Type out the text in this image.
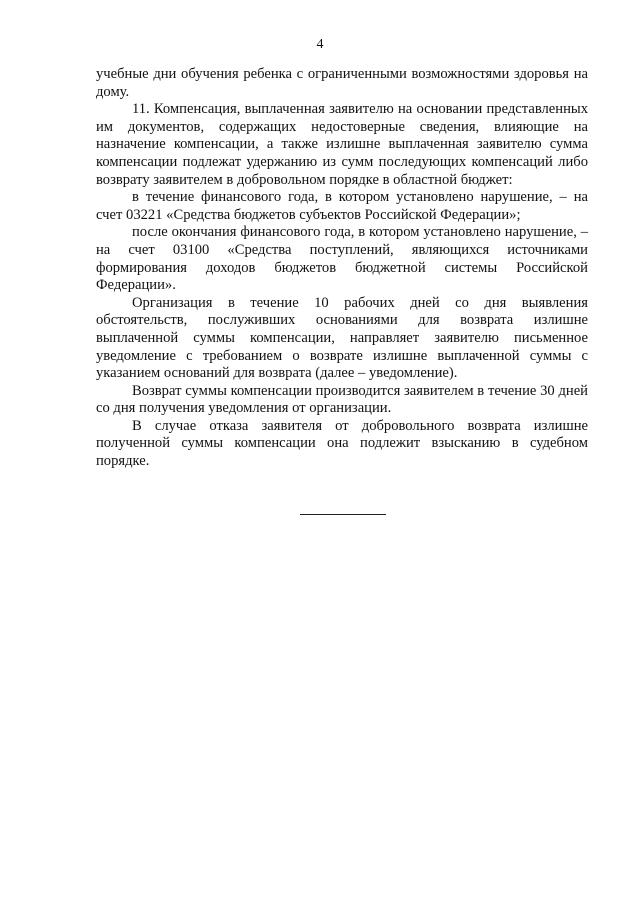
4

учебные дни обучения ребенка с ограниченными возможностями здоровья на дому.

11. Компенсация, выплаченная заявителю на основании представленных им документов, содержащих недостоверные сведения, влияющие на назначение компенсации, а также излишне выплаченная заявителю сумма компенсации подлежат удержанию из сумм последующих компенсаций либо возврату заявителем в добровольном порядке в областной бюджет:

в течение финансового года, в котором установлено нарушение, – на счет 03221 «Средства бюджетов субъектов Российской Федерации»;

после окончания финансового года, в котором установлено нарушение, – на счет 03100 «Средства поступлений, являющихся источниками формирования доходов бюджетов бюджетной системы Российской Федерации».

Организация в течение 10 рабочих дней со дня выявления обстоятельств, послуживших основаниями для возврата излишне выплаченной суммы компенсации, направляет заявителю письменное уведомление с требованием о возврате излишне выплаченной суммы с указанием оснований для возврата (далее – уведомление).

Возврат суммы компенсации производится заявителем в течение 30 дней со дня получения уведомления от организации.

В случае отказа заявителя от добровольного возврата излишне полученной суммы компенсации она подлежит взысканию в судебном порядке.
